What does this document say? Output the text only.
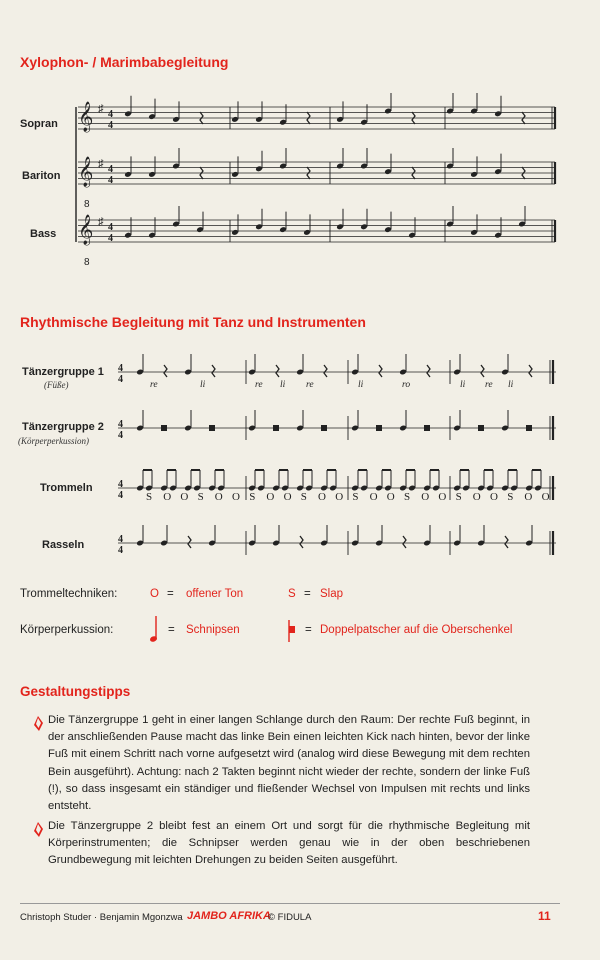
Xylophon- / Marimbabegleitung
Sopran
Bariton
Bass
𝄞 ♯ 4
4
𝄞 ♯ 4
4
8
𝄞 ♯ 4
4
8
4
4
4
4
4
4
4
4
re	li	re li re	li	ro	li re li
S O O S O O S O O S O O S O O S O O S O O S O O
Rhythmische Begleitung mit Tanz und Instrumenten
Tänzergruppe 1
(Füße)
Tänzergruppe 2
(Körperperkussion)
Trommeln
Rasseln
Trommeltechniken:	O = offener Ton	S = Slap
Körperperkussion:	= Schnipsen	= Doppelpatscher auf die Oberschenkel
Gestaltungstipps
Die Tänzergruppe 1 geht in einer langen Schlange durch den Raum: Der rechte Fuß beginnt, in der anschließenden Pause macht das linke Bein einen leichten Kick nach hinten, bevor der linke Fuß mit einem Schritt nach vorne aufgesetzt wird (analog wird diese Bewegung mit dem rechten Bein ausgeführt). Achtung: nach 2 Takten beginnt nicht wieder der rechte, sondern der linke Fuß (!), so dass insgesamt ein ständiger und fließender Wechsel von Impulsen mit rechts und links entsteht.
Die Tänzergruppe 2 bleibt fest an einem Ort und sorgt für die rhythmische Begleitung mit Körperinstrumenten; die Schnipser werden genau wie in der oben beschriebenen Grundbewegung mit leichten Drehungen zu beiden Seiten ausgeführt.
Christoph Studer · Benjamin Mgonzwa JAMBO AFRIKA
© FIDULA	11
